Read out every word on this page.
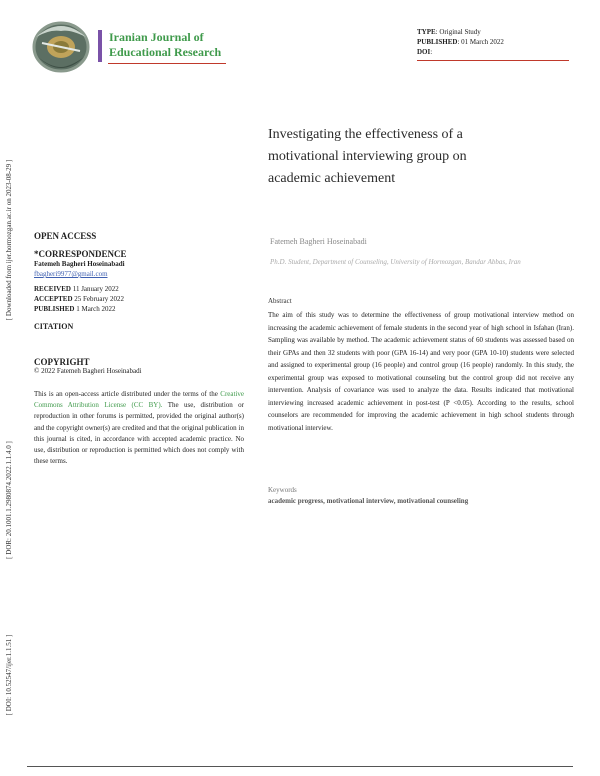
Iranian Journal of
Educational Research
TYPE: Original Study
PUBLISHED: 01 March 2022
DOI:
[ Downloaded from ijer.hormozgan.ac.ir on 2023-08-29 ]
[ DOR: 20.1001.1.2980874.2022.1.1.4.0 ]
[ DOI: 10.52547/ijer.1.1.51 ]
Investigating the effectiveness of a motivational interviewing group on academic achievement
Fatemeh Bagheri Hoseinabadi
Ph.D. Student, Department of Counseling, University of Hormozgan, Bandar Abbas, Iran
Abstract

The aim of this study was to determine the effectiveness of group motivational interview method on increasing the academic achievement of female students in the second year of high school in Isfahan (Iran). Sampling was available by method. The academic achievement status of 60 students was assessed based on their GPAs and then 32 students with poor (GPA 16-14) and very poor (GPA 10-10) students were selected and assigned to experimental group (16 people) and control group (16 people) randomly. In this study, the experimental group was exposed to motivational counseling but the control group did not receive any intervention. Analysis of covariance was used to analyze the data. Results indicated that motivational interviewing increased academic achievement in post-test (P <0.05). According to the results, school counselors are recommended for improving the academic achievement in high school students through motivational interview.

Keywords
academic progress, motivational interview, motivational counseling
OPEN ACCESS
*CORRESPONDENCE
Fatemeh Bagheri Hoseinabadi
fbagheri9977@gmail.com
RECEIVED 11 January 2022
ACCEPTED 25 February 2022
PUBLISHED 1 March 2022
CITATION
COPYRIGHT
© 2022 Fatemeh Bagheri Hoseinabadi

This is an open-access article distributed under the terms of the Creative Commons Attribution License (CC BY). The use, distribution or reproduction in other forums is permitted, provided the original author(s) and the copyright owner(s) are credited and that the original publication in this journal is cited, in accordance with accepted academic practice. No use, distribution or reproduction is permitted which does not comply with these terms.
